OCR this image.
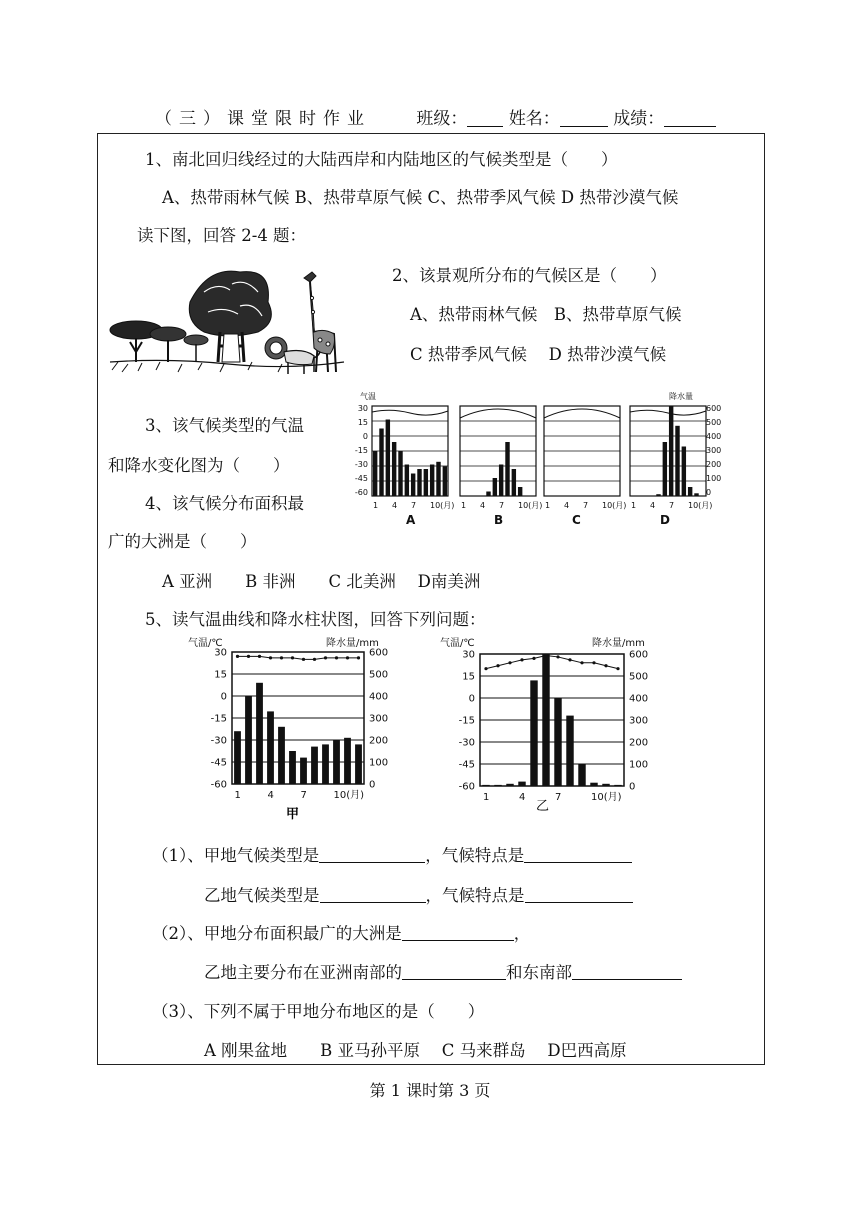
（三）课堂限时作业	班级： 姓名：	成绩：
1、南北回归线经过的大陆西岸和内陆地区的气候类型是（　　）
A、热带雨林气候 B、热带草原气候 C、热带季风气候 D 热带沙漠气候
读下图，回答 2-4 题：
2、该景观所分布的气候区是（　　）
A、热带雨林气候　B、热带草原气候
C 热带季风气候　 D 热带沙漠气候
3、该气候类型的气温
和降水变化图为（　　）
气温	降水量
30
15
0
-15
-30
-45
-60
600
500
400
300
200
100
0
1 4 7 10(月) 1 4 7 10(月) 1 4 7 10(月) 1 4 7 10(月)
A	B	C	D
4、该气候分布面积最
广的大洲是（　　）
A 亚洲　　B 非洲　　C 北美洲　 D南美洲
5、读气温曲线和降水柱状图，回答下列问题：
气温/℃	降水量/mm
30
15
0
-15
-30
-45
-60
600
500
400
300
200
100
0
1	4	7	10(月)
甲
气温/℃	降水量/mm
30
15
0
-15
-30
-45
-60
600
500
400
300
200
100
0
1	4	7	10(月)
乙
（1）、甲地气候类型是	，气候特点是
乙地气候类型是	，气候特点是
（2）、甲地分布面积最广的大洲是	，
乙地主要分布在亚洲南部的	和东南部
（3）、下列不属于甲地分布地区的是（　　）
A 刚果盆地　　B 亚马孙平原　 C 马来群岛　 D巴西高原
第 1 课时第 3 页
